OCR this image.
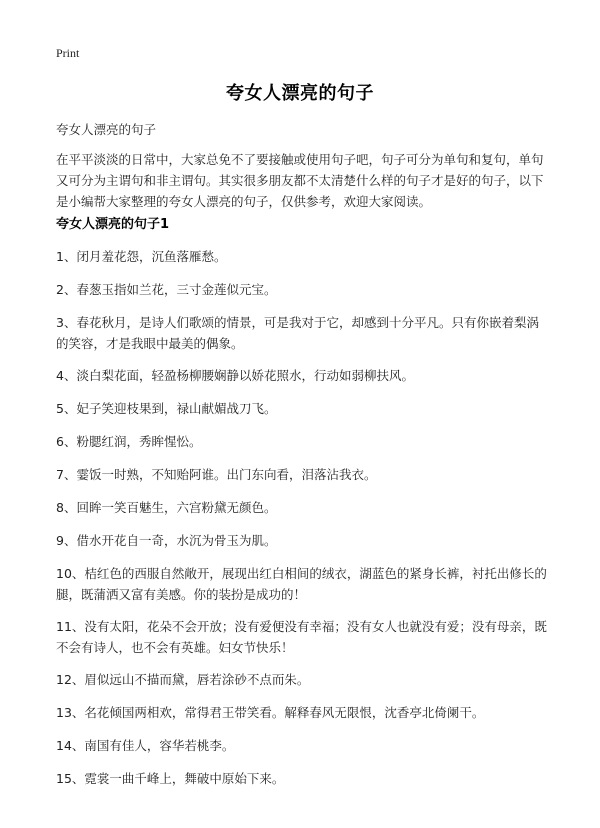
Print
夸女人漂亮的句子
夸女人漂亮的句子

在平平淡淡的日常中，大家总免不了要接触或使用句子吧，句子可分为单句和复句，单句又可分为主谓句和非主谓句。其实很多朋友都不太清楚什么样的句子才是好的句子，以下是小编帮大家整理的夸女人漂亮的句子，仅供参考，欢迎大家阅读。

夸女人漂亮的句子1
1、闭月羞花怨，沉鱼落雁愁。
2、春葱玉指如兰花，三寸金莲似元宝。
3、春花秋月，是诗人们歌颂的情景，可是我对于它，却感到十分平凡。只有你嵌着梨涡的笑容，才是我眼中最美的偶象。
4、淡白梨花面，轻盈杨柳腰娴静以娇花照水，行动如弱柳扶风。
5、妃子笑迎枝果到，禄山献媚战刀飞。
6、粉腮红润，秀眸惺忪。
7、霎饭一时熟，不知贻阿谁。出门东向看，泪落沾我衣。
8、回眸一笑百魅生，六宫粉黛无颜色。
9、借水开花自一奇，水沉为骨玉为肌。
10、桔红色的西服自然敞开，展现出红白相间的绒衣，湖蓝色的紧身长裤，衬托出修长的腿，既蒲洒又富有美感。你的装扮是成功的！
11、没有太阳，花朵不会开放；没有爱便没有幸福；没有女人也就没有爱；没有母亲，既不会有诗人，也不会有英雄。妇女节快乐！
12、眉似远山不描而黛，唇若涂砂不点而朱。
13、名花倾国两相欢，常得君王带笑看。解释春风无限恨，沈香亭北倚阑干。
14、南国有佳人，容华若桃李。
15、霓裳一曲千峰上，舞破中原始下来。
